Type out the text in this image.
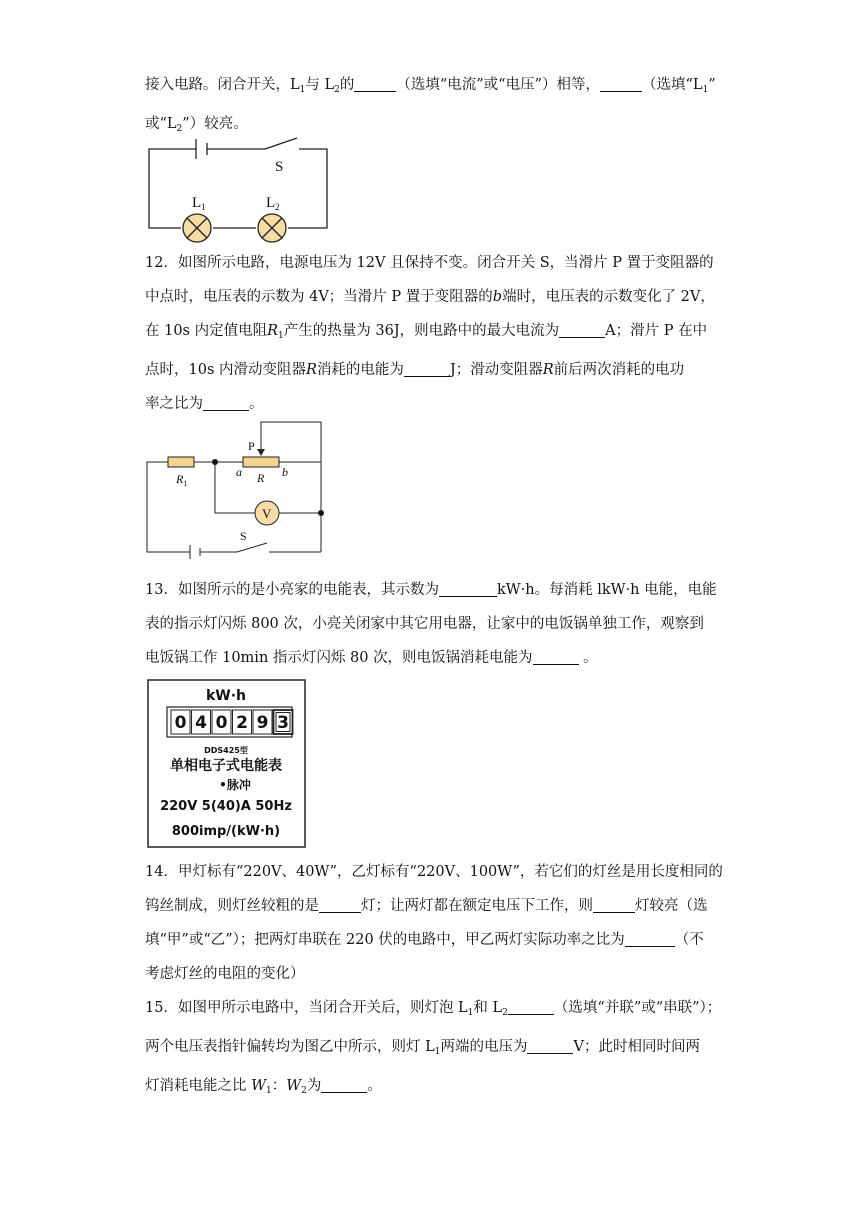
接入电路。闭合开关，$L_1$与 $L_2$的	（选填“电流”或“电压”）相等，	（选填“$L_1$”
或“$L_2$”）较亮。
S
$L_1$	$L_2$
12．如图所示电路，电源电压为 12V 且保持不变。闭合开关 S，当滑片 P 置于变阻器的
中点时，电压表的示数为 4V；当滑片 P 置于变阻器的b端时，电压表的示数变化了 2V，
在 10s 内定值电阻$R_1$产生的热量为 36J，则电路中的最大电流为	A；滑片 P 在中
点时，10s 内滑动变阻器R消耗的电能为	J；滑动变阻器R前后两次消耗的电功
率之比为	。
V
P
a R b
$R_1$
S
13．如图所示的是小亮家的电能表，其示数为	kW·h。每消耗 lkW·h 电能，电能
表的指示灯闪烁 800 次，小亮关闭家中其它用电器，让家中的电饭锅单独工作，观察到
电饭锅工作 10min 指示灯闪烁 80 次，则电饭锅消耗电能为	。
kW·h
0 4 0 2 9 3
DDS425型
单相电子式电能表
•脉冲
220V 5(40)A 50Hz
800imp/(kW·h)
14．甲灯标有“220V、40W”，乙灯标有“220V、100W”，若它们的灯丝是用长度相同的
钨丝制成，则灯丝较粗的是	灯；让两灯都在额定电压下工作，则	灯较亮（选
填“甲”或“乙”）；把两灯串联在 220 伏的电路中，甲乙两灯实际功率之比为	（不
考虑灯丝的电阻的变化）
15．如图甲所示电路中，当闭合开关后，则灯泡 $L_1$和 $L_2$	（选填“并联”或“串联”）；
两个电压表指针偏转均为图乙中所示，则灯 $L_1$两端的电压为	V；此时相同时间两
灯消耗电能之比 $W_1$：$W_2$为	。
